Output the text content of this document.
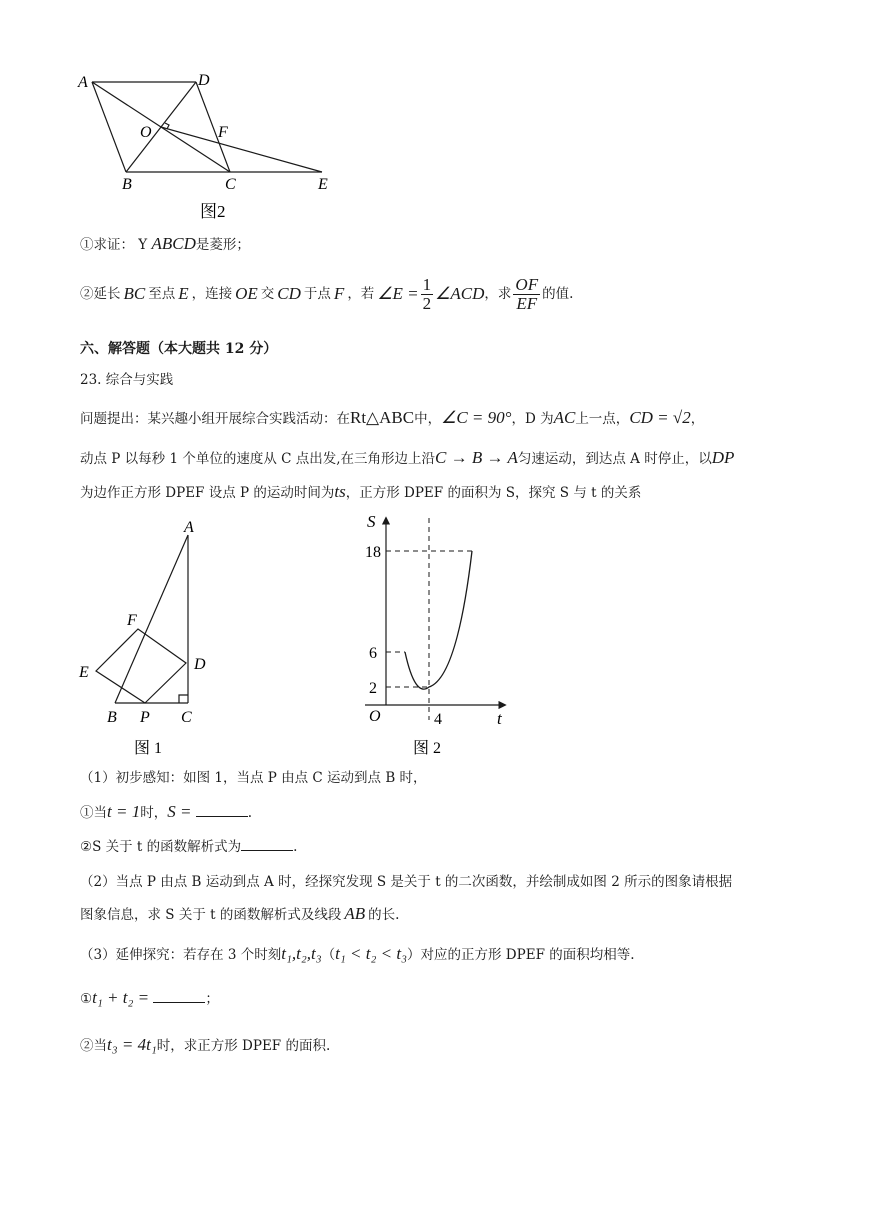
A	D
O	F
B	C	E
图2
①求证： Y ABCD是菱形；
②延长 BC 至点 E ，连接 OE 交 CD 于点 F ，若 ∠E = $\frac{1}{2}$ ∠ACD ，求 $\frac{OF}{EF}$ 的值.
六、解答题（本大题共 12 分）
23. 综合与实践
问题提出：某兴趣小组开展综合实践活动：在Rt△ABC中，∠C = 90°，D 为AC上一点，CD = √2，
动点 P 以每秒 1 个单位的速度从 C 点出发,在三角形边上沿C → B → A匀速运动，到达点 A 时停止，以DP
为边作正方形 DPEF 设点 P 的运动时间为ts，正方形 DPEF 的面积为 S，探究 S 与 t 的关系
A
F
E	D
B P C
图 1
S
t
O
18
6
2
4
图 2
（1）初步感知：如图 1，当点 P 由点 C 运动到点 B 时，
①当t = 1时，S =	.
②S 关于 t 的函数解析式为	.
（2）当点 P 由点 B 运动到点 A 时，经探究发现 S 是关于 t 的二次函数，并绘制成如图 2 所示的图象请根据
图象信息，求 S 关于 t 的函数解析式及线段 AB 的长.
（3）延伸探究：若存在 3 个时刻t₁,t₂,t₃（t₁ < t₂ < t₃）对应的正方形 DPEF 的面积均相等.
①t₁ + t₂ =	；
②当t₃ = 4t₁时，求正方形 DPEF 的面积.
